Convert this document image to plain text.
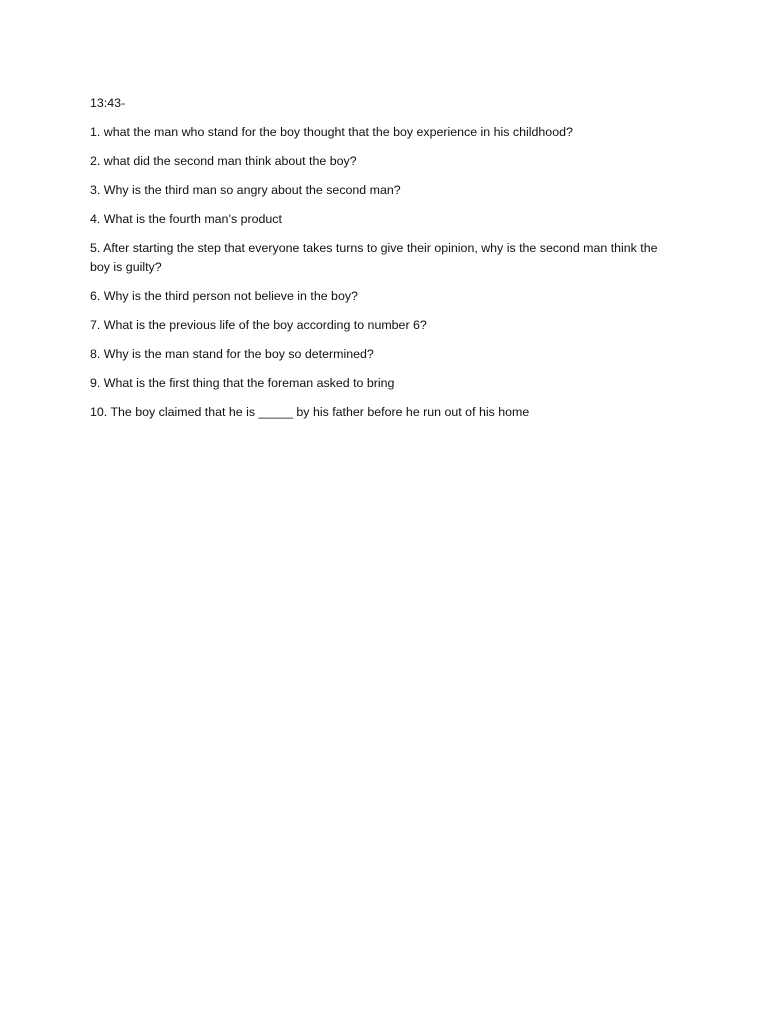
13:43-

1. what the man who stand for the boy thought that the boy experience in his childhood?

2. what did the second man think about the boy?

3. Why is the third man so angry about the second man?

4. What is the fourth man’s product

5. After starting the step that everyone takes turns to give their opinion, why is the second man think the boy is guilty?

6. Why is the third person not believe in the boy?

7. What is the previous life of the boy according to number 6?

8. Why is the man stand for the boy so determined?

9. What is the first thing that the foreman asked to bring

10. The boy claimed that he is _____ by his father before he run out of his home
